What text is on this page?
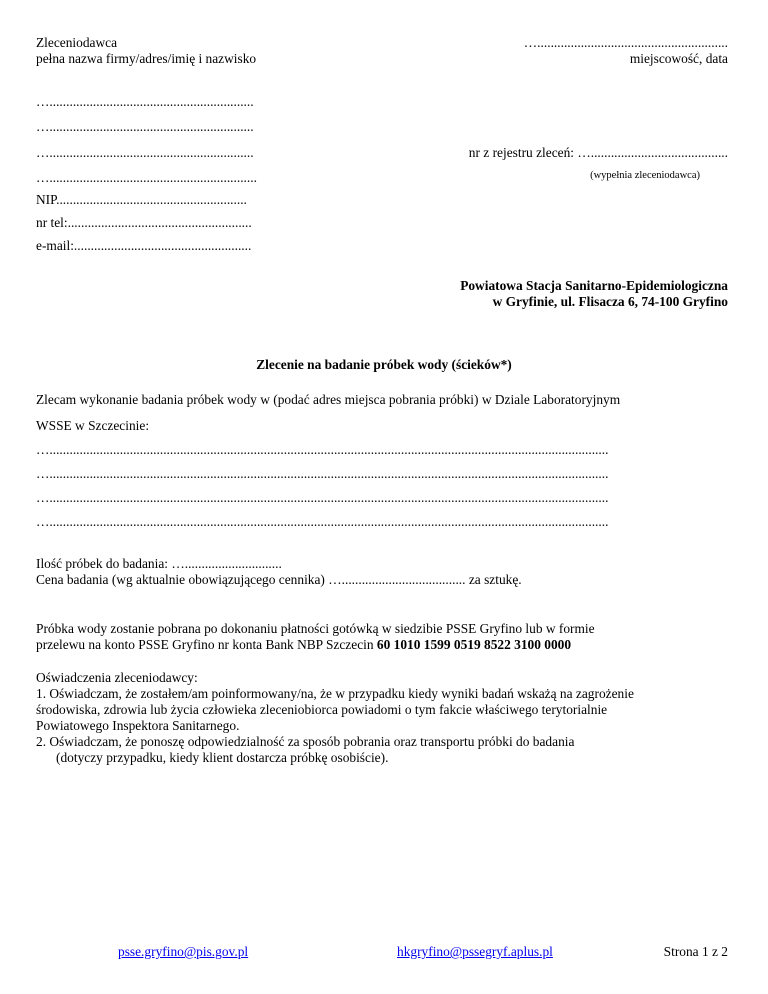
Zleceniodawca
pełna nazwa firmy/adres/imię i nazwisko
….........................................................
miejscowość, data
….............................................................
….............................................................
….............................................................
…..............................................................
nr z rejestru zleceń: ….........................................
(wypełnia zleceniodawca)
NIP.........................................................
nr tel:.......................................................
e-mail:.....................................................
Powiatowa Stacja Sanitarno-Epidemiologiczna
w Gryfinie, ul. Flisacza 6, 74-100 Gryfino
Zlecenie na badanie próbek wody (ścieków*)
Zlecam wykonanie badania próbek wody w (podać adres miejsca pobrania próbki) w Dziale Laboratoryjnym
WSSE w Szczecinie:
….......................................................................................................................................................................
….......................................................................................................................................................................
….......................................................................................................................................................................
….......................................................................................................................................................................
Ilość próbek do badania: ….............................
Cena badania (wg aktualnie obowiązującego cennika) …..................................... za sztukę.
Próbka wody zostanie pobrana po dokonaniu płatności gotówką w siedzibie PSSE Gryfino lub w formie
przelewu na konto PSSE Gryfino nr konta Bank NBP Szczecin 60 1010 1599 0519 8522 3100 0000
Oświadczenia zleceniodawcy:
1. Oświadczam, że zostałem/am poinformowany/na, że w przypadku kiedy wyniki badań wskażą na zagrożenie
środowiska, zdrowia lub życia człowieka zleceniobiorca powiadomi o tym fakcie właściwego terytorialnie
Powiatowego Inspektora Sanitarnego.
2. Oświadczam, że ponoszę odpowiedzialność za sposób pobrania oraz transportu próbki do badania
(dotyczy przypadku, kiedy klient dostarcza próbkę osobiście).
psse.gryfino@pis.gov.pl	hkgryfino@pssegryf.aplus.pl	Strona 1 z 2
